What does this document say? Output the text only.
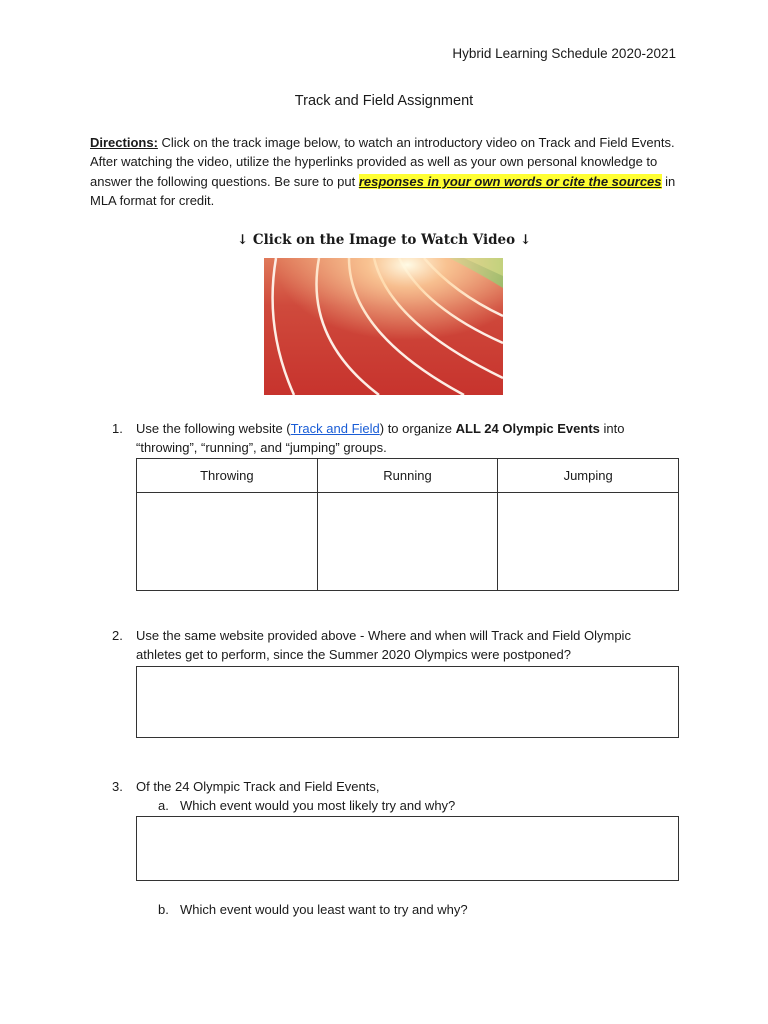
Hybrid Learning Schedule 2020-2021
Track and Field Assignment
Directions: Click on the track image below, to watch an introductory video on Track and Field Events. After watching the video, utilize the hyperlinks provided as well as your own personal knowledge to answer the following questions. Be sure to put responses in your own words or cite the sources in MLA format for credit.
↓ Click on the Image to Watch Video ↓
1. Use the following website (Track and Field) to organize ALL 24 Olympic Events into “throwing”, “running”, and “jumping” groups.
Throwing	Running	Jumping

2. Use the same website provided above - Where and when will Track and Field Olympic athletes get to perform, since the Summer 2020 Olympics were postponed?
3. Of the 24 Olympic Track and Field Events,
a. Which event would you most likely try and why?
b. Which event would you least want to try and why?
